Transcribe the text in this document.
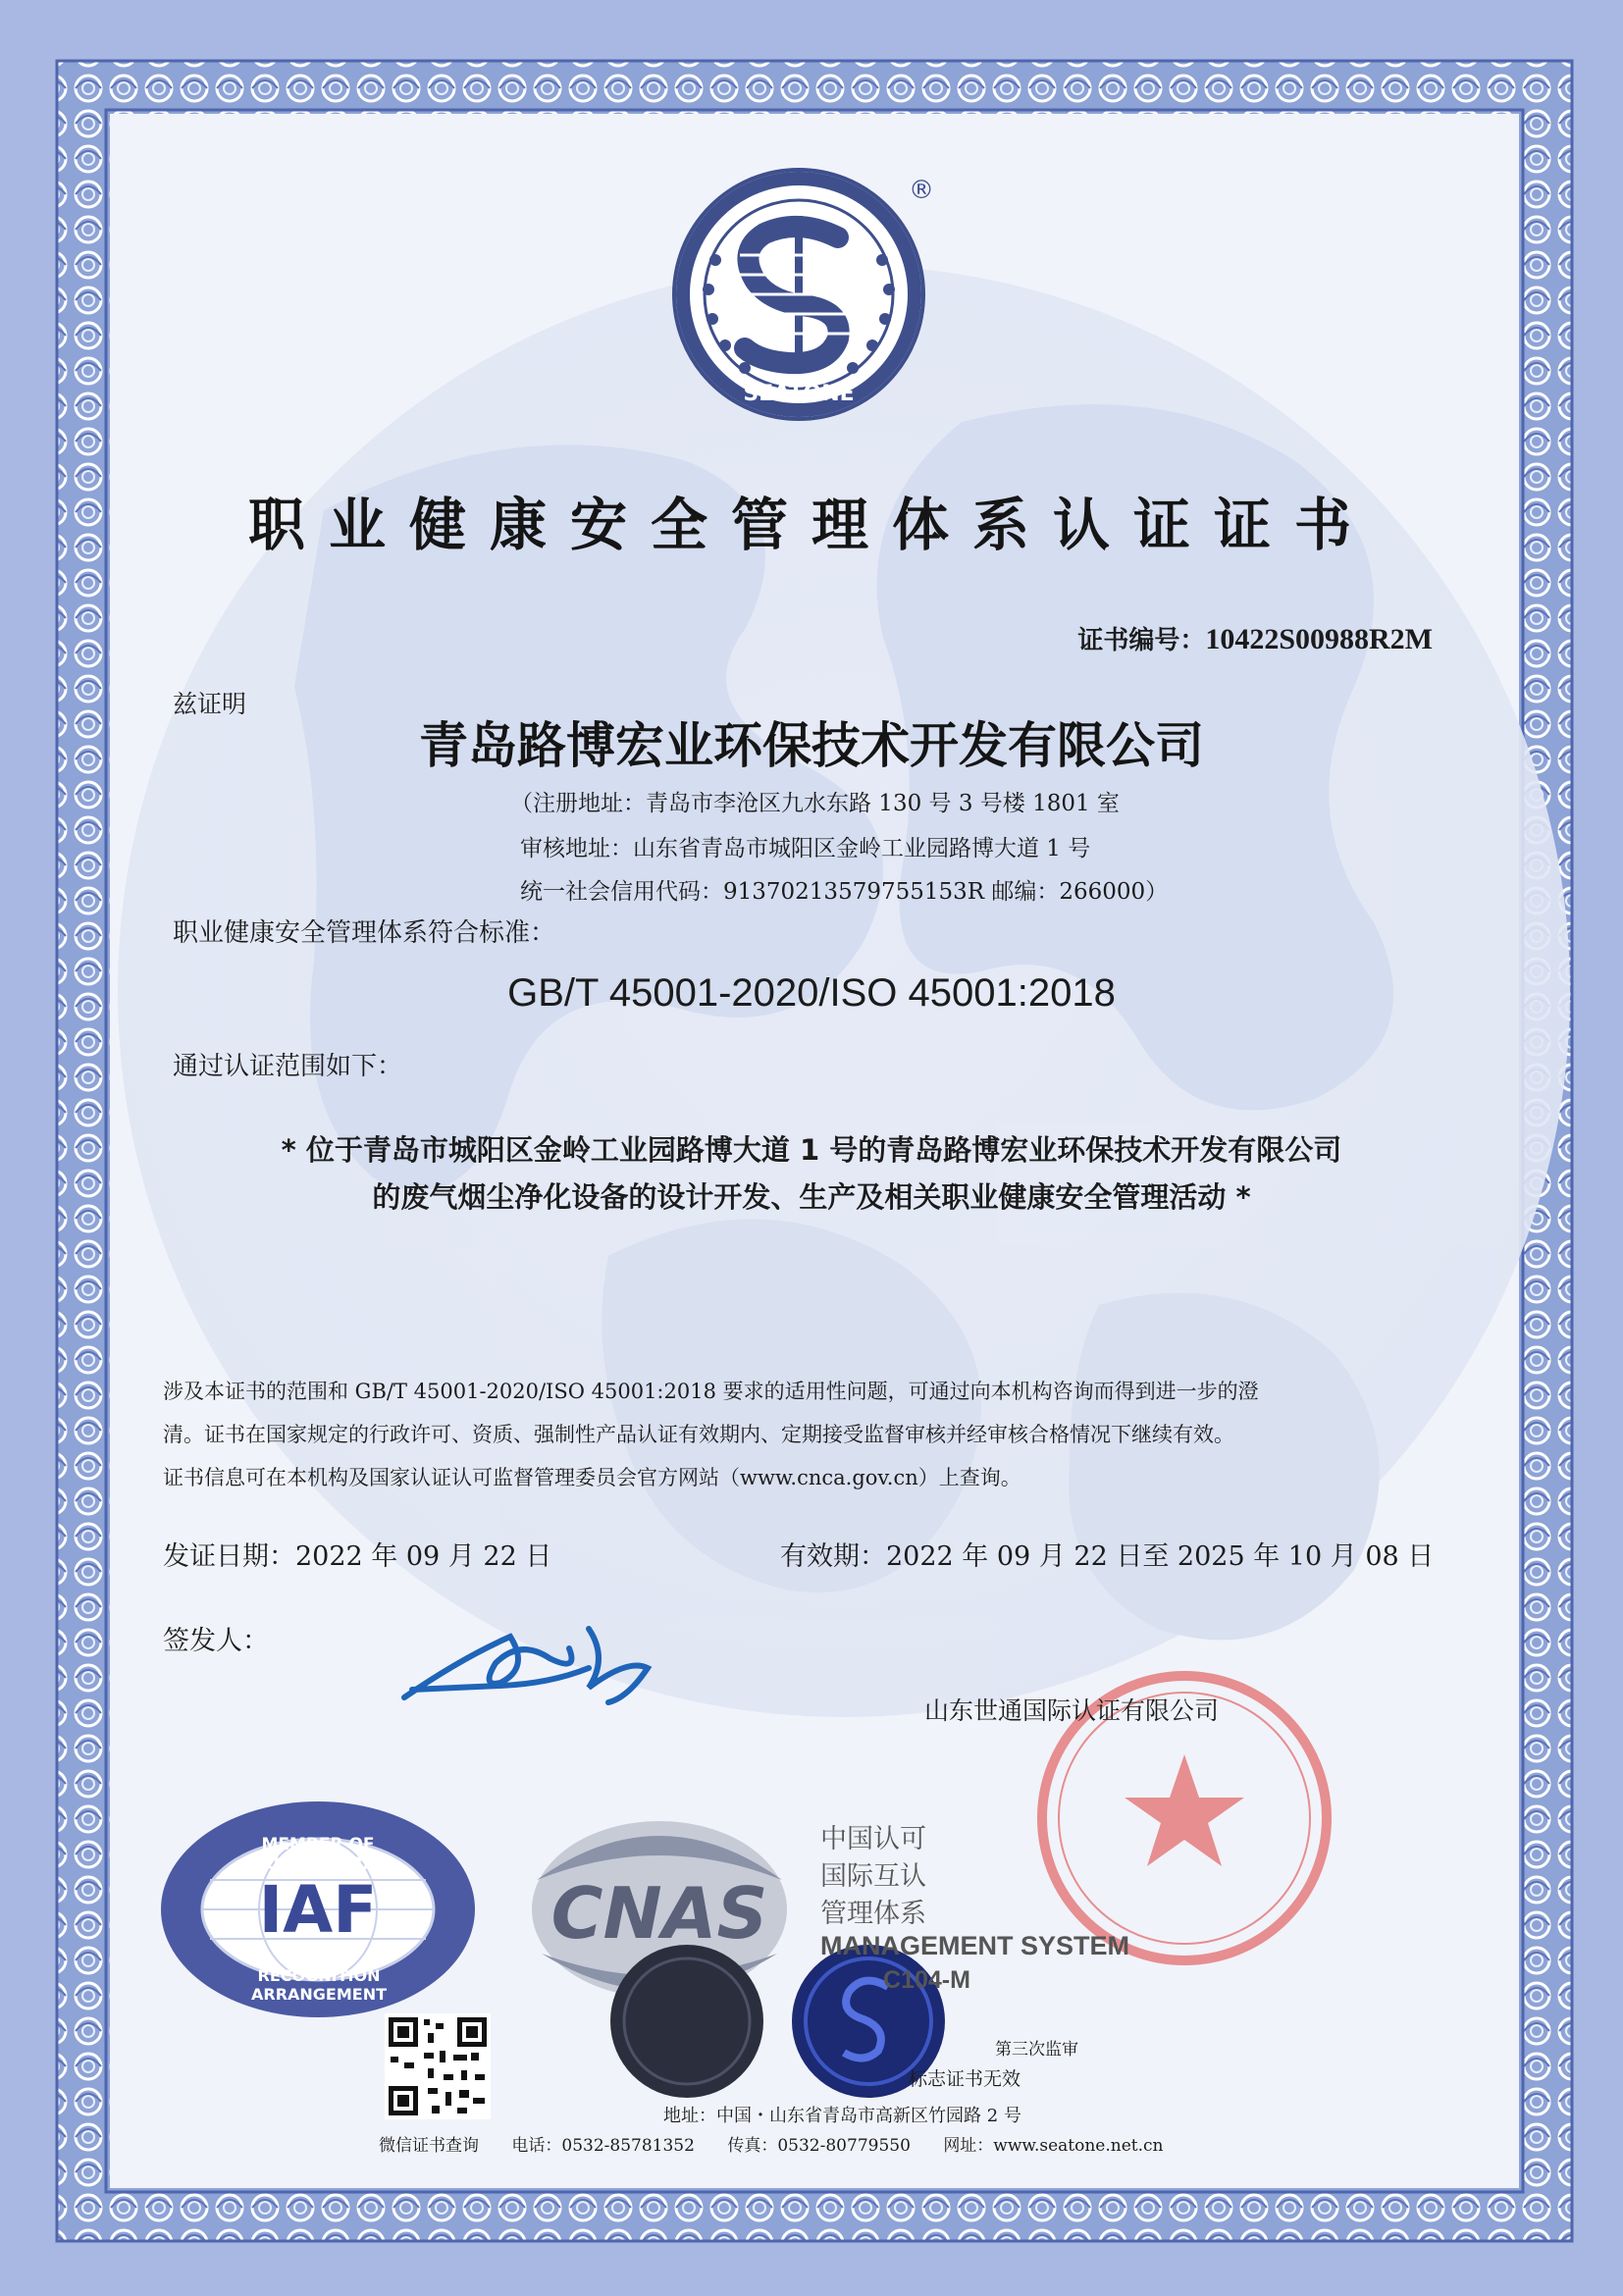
SEATONE
®
职业健康安全管理体系认证证书
证书编号：10422S00988R2M
兹证明
青岛路博宏业环保技术开发有限公司
（注册地址：青岛市李沧区九水东路 130 号 3 号楼 1801 室
审核地址：山东省青岛市城阳区金岭工业园路博大道 1 号
统一社会信用代码：91370213579755153R 邮编：266000）
职业健康安全管理体系符合标准：
GB/T 45001-2020/ISO 45001:2018
通过认证范围如下：
* 位于青岛市城阳区金岭工业园路博大道 1 号的青岛路博宏业环保技术开发有限公司
的废气烟尘净化设备的设计开发、生产及相关职业健康安全管理活动 *
涉及本证书的范围和 GB/T 45001-2020/ISO 45001:2018 要求的适用性问题，可通过向本机构咨询而得到进一步的澄
清。证书在国家规定的行政许可、资质、强制性产品认证有效期内、定期接受监督审核并经审核合格情况下继续有效。
证书信息可在本机构及国家认证认可监督管理委员会官方网站（www.cnca.gov.cn）上查询。
发证日期：2022 年 09 月 22 日	有效期：2022 年 09 月 22 日至 2025 年 10 月 08 日
签发人：
山东世通国际认证有限公司
MEMBER OF MULTILATERAL
IAF
RECOGNITION ARRANGEMENT
CNAS
中国认可
国际互认
管理体系
MANAGEMENT SYSTEM
C104-M
第三次监审
标志证书无效
地址：中国・山东省青岛市高新区竹园路 2 号
微信证书查询 电话：0532-85781352 传真：0532-80779550 网址：www.seatone.net.cn
